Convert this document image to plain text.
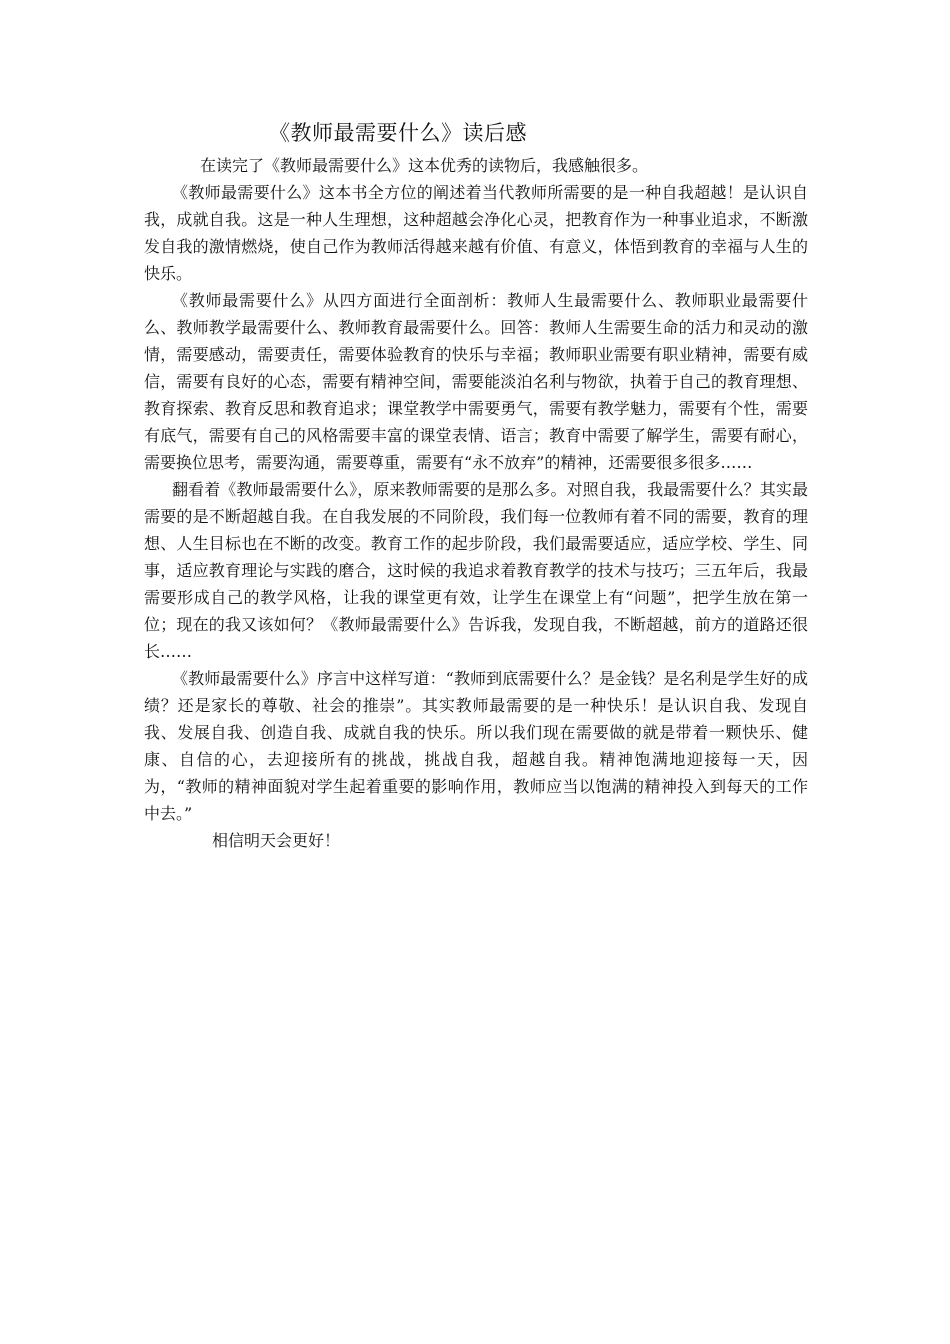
《教师最需要什么》读后感

在读完了《教师最需要什么》这本优秀的读物后，我感触很多。

《教师最需要什么》这本书全方位的阐述着当代教师所需要的是一种自我超越！是认识自我，成就自我。这是一种人生理想，这种超越会净化心灵，把教育作为一种事业追求，不断激发自我的激情燃烧，使自己作为教师活得越来越有价值、有意义，体悟到教育的幸福与人生的快乐。

《教师最需要什么》从四方面进行全面剖析：教师人生最需要什么、教师职业最需要什么、教师教学最需要什么、教师教育最需要什么。回答：教师人生需要生命的活力和灵动的激情，需要感动，需要责任，需要体验教育的快乐与幸福；教师职业需要有职业精神，需要有威信，需要有良好的心态，需要有精神空间，需要能淡泊名利与物欲，执着于自己的教育理想、教育探索、教育反思和教育追求；课堂教学中需要勇气，需要有教学魅力，需要有个性，需要有底气，需要有自己的风格需要丰富的课堂表情、语言；教育中需要了解学生，需要有耐心，需要换位思考，需要沟通，需要尊重，需要有“永不放弃”的精神，还需要很多很多……

翻看着《教师最需要什么》，原来教师需要的是那么多。对照自我，我最需要什么？其实最需要的是不断超越自我。在自我发展的不同阶段，我们每一位教师有着不同的需要，教育的理想、人生目标也在不断的改变。教育工作的起步阶段，我们最需要适应，适应学校、学生、同事，适应教育理论与实践的磨合，这时候的我追求着教育教学的技术与技巧；三五年后，我最需要形成自己的教学风格，让我的课堂更有效，让学生在课堂上有“问题”，把学生放在第一位；现在的我又该如何？《教师最需要什么》告诉我，发现自我，不断超越，前方的道路还很长……

《教师最需要什么》序言中这样写道：“教师到底需要什么？是金钱？是名利是学生好的成绩？还是家长的尊敬、社会的推崇”。其实教师最需要的是一种快乐！是认识自我、发现自我、发展自我、创造自我、成就自我的快乐。所以我们现在需要做的就是带着一颗快乐、健康、自信的心，去迎接所有的挑战，挑战自我，超越自我。精神饱满地迎接每一天，因为，“教师的精神面貌对学生起着重要的影响作用，教师应当以饱满的精神投入到每天的工作中去。”

相信明天会更好！
